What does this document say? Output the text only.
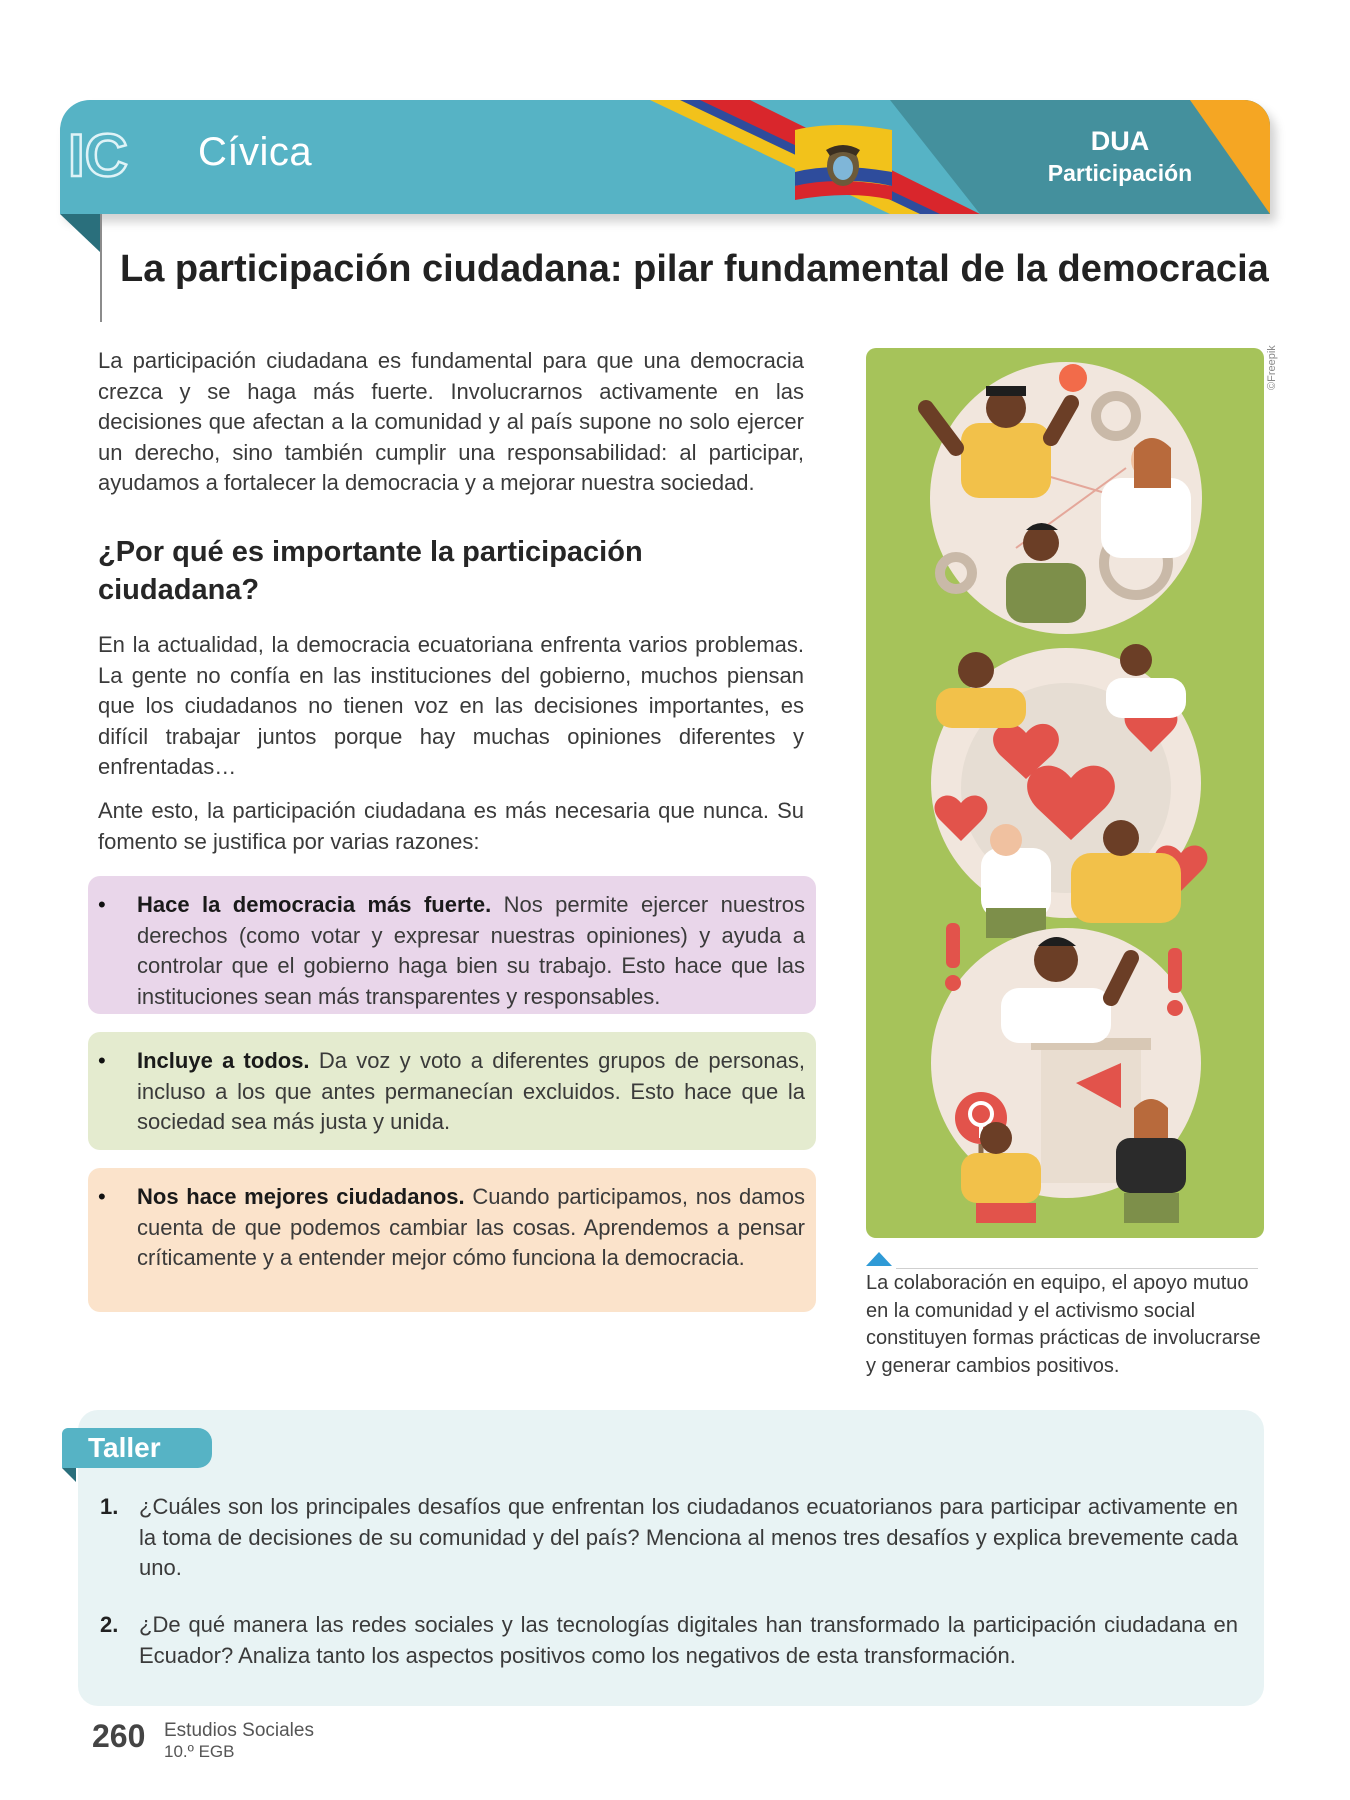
IC Cívica	DUA
Participación
La participación ciudadana: pilar fundamental de la democracia

La participación ciudadana es fundamental para que una democracia crezca y se haga más fuerte. Involucrarnos activamente en las decisiones que afectan a la comunidad y al país supone no solo ejercer un derecho, sino también cumplir una responsabilidad: al participar, ayudamos a fortalecer la democracia y a mejorar nuestra sociedad.

¿Por qué es importante la participación ciudadana?

En la actualidad, la democracia ecuatoriana enfrenta varios problemas. La gente no confía en las instituciones del gobierno, muchos piensan que los ciudadanos no tienen voz en las decisiones importantes, es difícil trabajar juntos porque hay muchas opiniones diferentes y enfrentadas…

Ante esto, la participación ciudadana es más necesaria que nunca. Su fomento se justifica por varias razones:

• Hace la democracia más fuerte. Nos permite ejercer nuestros derechos (como votar y expresar nuestras opiniones) y ayuda a controlar que el gobierno haga bien su trabajo. Esto hace que las instituciones sean más transparentes y responsables.

• Incluye a todos. Da voz y voto a diferentes grupos de personas, incluso a los que antes permanecían excluidos. Esto hace que la sociedad sea más justa y unida.

• Nos hace mejores ciudadanos. Cuando participamos, nos damos cuenta de que podemos cambiar las cosas. Aprendemos a pensar críticamente y a entender mejor cómo funciona la democracia.

©Freepik

La colaboración en equipo, el apoyo mutuo en la comunidad y el activismo social constituyen formas prácticas de involucrarse y generar cambios positivos.

Taller
1. ¿Cuáles son los principales desafíos que enfrentan los ciudadanos ecuatorianos para participar activamente en la toma de decisiones de su comunidad y del país? Menciona al menos tres desafíos y explica brevemente cada uno.

2. ¿De qué manera las redes sociales y las tecnologías digitales han transformado la participación ciudadana en Ecuador? Analiza tanto los aspectos positivos como los negativos de esta transformación.

260 Estudios Sociales
10.º EGB
